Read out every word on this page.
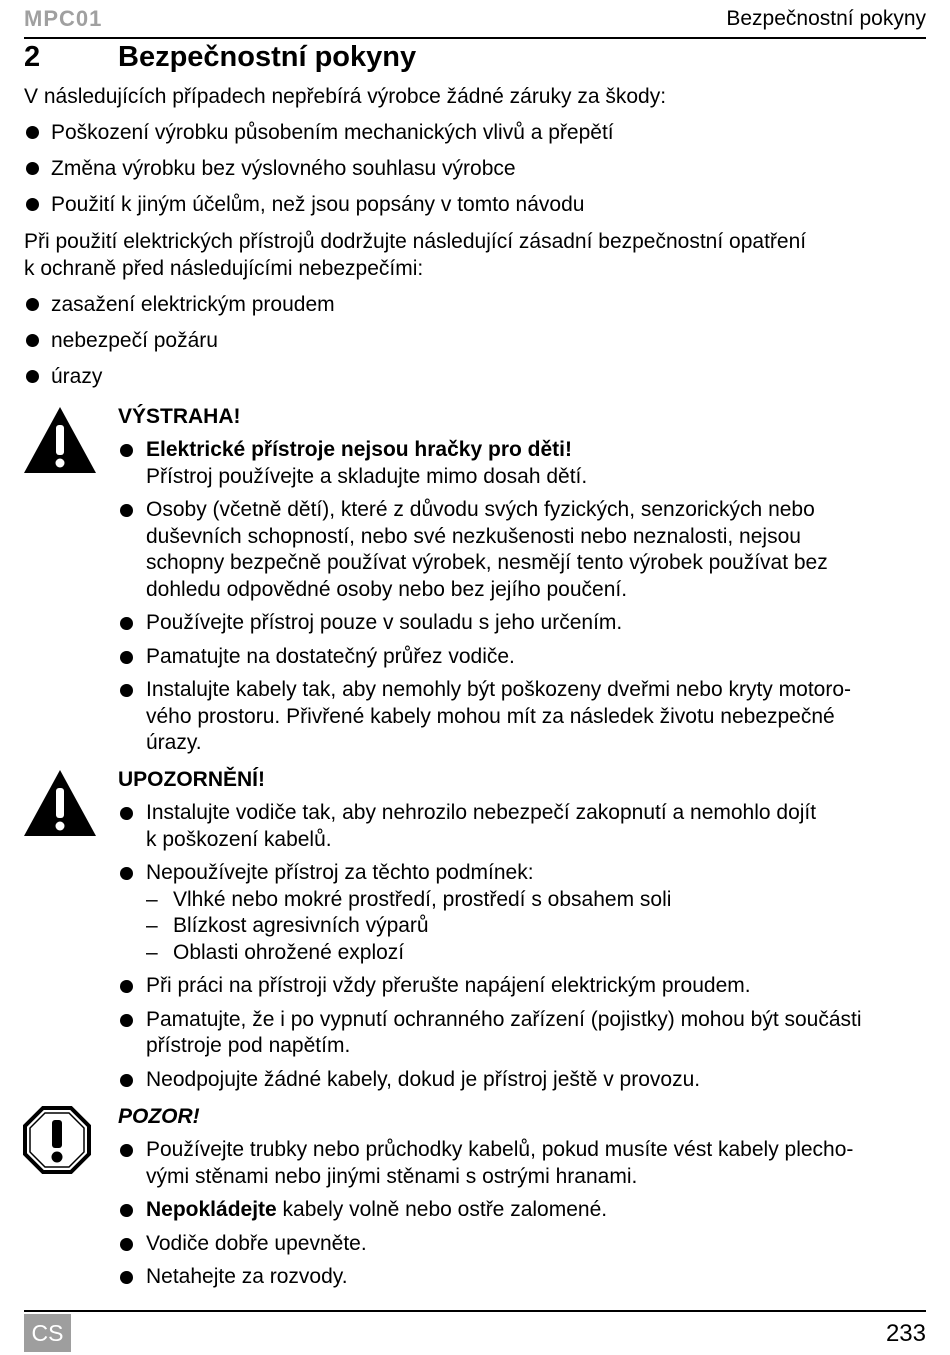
MPC01	Bezpečnostní pokyny
2	Bezpečnostní pokyny
V následujících případech nepřebírá výrobce žádné záruky za škody:
Poškození výrobku působením mechanických vlivů a přepětí
Změna výrobku bez výslovného souhlasu výrobce
Použití k jiným účelům, než jsou popsány v tomto návodu
Při použití elektrických přístrojů dodržujte následující zásadní bezpečnostní opatření
k ochraně před následujícími nebezpečími:
zasažení elektrickým proudem
nebezpečí požáru
úrazy
VÝSTRAHA!
Elektrické přístroje nejsou hračky pro děti!
Přístroj používejte a skladujte mimo dosah dětí.
Osoby (včetně dětí), které z důvodu svých fyzických, senzorických nebo
duševních schopností, nebo své nezkušenosti nebo neznalosti, nejsou
schopny bezpečně používat výrobek, nesmějí tento výrobek používat bez
dohledu odpovědné osoby nebo bez jejího poučení.
Používejte přístroj pouze v souladu s jeho určením.
Pamatujte na dostatečný průřez vodiče.
Instalujte kabely tak, aby nemohly být poškozeny dveřmi nebo kryty motoro-
vého prostoru. Přivřené kabely mohou mít za následek životu nebezpečné
úrazy.
UPOZORNĚNÍ!
Instalujte vodiče tak, aby nehrozilo nebezpečí zakopnutí a nemohlo dojít
k poškození kabelů.
Nepoužívejte přístroj za těchto podmínek:
– Vlhké nebo mokré prostředí, prostředí s obsahem soli
– Blízkost agresivních výparů
– Oblasti ohrožené explozí
Při práci na přístroji vždy přerušte napájení elektrickým proudem.
Pamatujte, že i po vypnutí ochranného zařízení (pojistky) mohou být součásti
přístroje pod napětím.
Neodpojujte žádné kabely, dokud je přístroj ještě v provozu.
POZOR!
Používejte trubky nebo průchodky kabelů, pokud musíte vést kabely plecho-
vými stěnami nebo jinými stěnami s ostrými hranami.
Nepokládejte kabely volně nebo ostře zalomené.
Vodiče dobře upevněte.
Netahejte za rozvody.
CS	233
